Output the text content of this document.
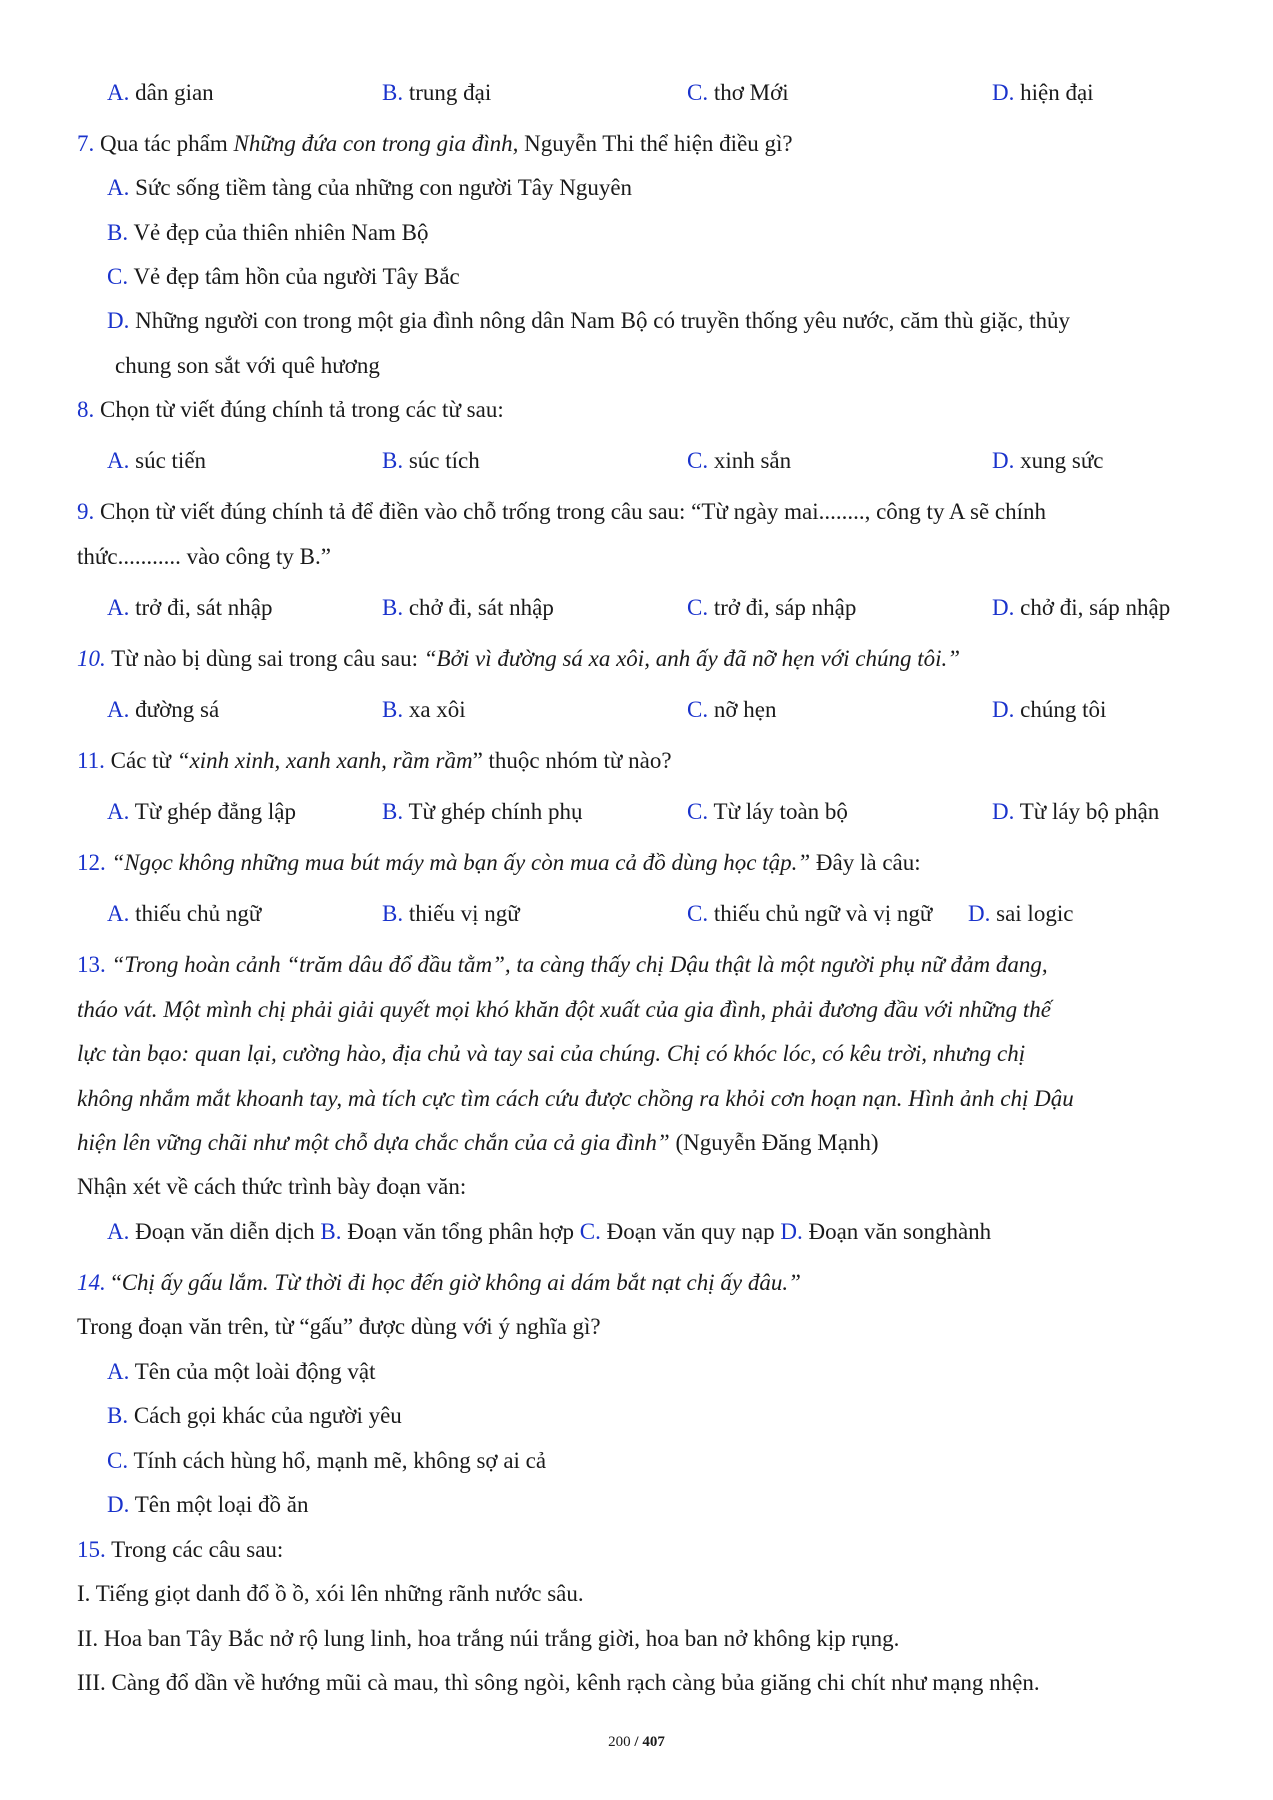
A. dân gian	B. trung đại	C. thơ Mới	D. hiện đại
7. Qua tác phẩm Những đứa con trong gia đình, Nguyễn Thi thể hiện điều gì?
A. Sức sống tiềm tàng của những con người Tây Nguyên
B. Vẻ đẹp của thiên nhiên Nam Bộ
C. Vẻ đẹp tâm hồn của người Tây Bắc
D. Những người con trong một gia đình nông dân Nam Bộ có truyền thống yêu nước, căm thù giặc, thủy
chung son sắt với quê hương
8. Chọn từ viết đúng chính tả trong các từ sau:
A. súc tiến	B. súc tích	C. xinh sắn	D. xung sức
9. Chọn từ viết đúng chính tả để điền vào chỗ trống trong câu sau: “Từ ngày mai........, công ty A sẽ chính
thức........... vào công ty B.”
A. trở đi, sát nhập	B. chở đi, sát nhập	C. trở đi, sáp nhập	D. chở đi, sáp nhập
10. Từ nào bị dùng sai trong câu sau: “Bởi vì đường sá xa xôi, anh ấy đã nỡ hẹn với chúng tôi.”
A. đường sá	B. xa xôi	C. nỡ hẹn	D. chúng tôi
11. Các từ “xinh xinh, xanh xanh, rầm rầm” thuộc nhóm từ nào?
A. Từ ghép đẳng lập	B. Từ ghép chính phụ	C. Từ láy toàn bộ	D. Từ láy bộ phận
12. “Ngọc không những mua bút máy mà bạn ấy còn mua cả đồ dùng học tập.” Đây là câu:
A. thiếu chủ ngữ	B. thiếu vị ngữ	C. thiếu chủ ngữ và vị ngữ D. sai logic
13. “Trong hoàn cảnh “trăm dâu đổ đầu tằm”, ta càng thấy chị Dậu thật là một người phụ nữ đảm đang,
tháo vát. Một mình chị phải giải quyết mọi khó khăn đột xuất của gia đình, phải đương đầu với những thế
lực tàn bạo: quan lại, cường hào, địa chủ và tay sai của chúng. Chị có khóc lóc, có kêu trời, nhưng chị
không nhắm mắt khoanh tay, mà tích cực tìm cách cứu được chồng ra khỏi cơn hoạn nạn. Hình ảnh chị Dậu
hiện lên vững chãi như một chỗ dựa chắc chắn của cả gia đình” (Nguyễn Đăng Mạnh)
Nhận xét về cách thức trình bày đoạn văn:
A. Đoạn văn diễn dịch B. Đoạn văn tổng phân hợp C. Đoạn văn quy nạp D. Đoạn văn songhành
14. “Chị ấy gấu lắm. Từ thời đi học đến giờ không ai dám bắt nạt chị ấy đâu.”
Trong đoạn văn trên, từ “gấu” được dùng với ý nghĩa gì?
A. Tên của một loài động vật
B. Cách gọi khác của người yêu
C. Tính cách hùng hổ, mạnh mẽ, không sợ ai cả
D. Tên một loại đồ ăn
15. Trong các câu sau:
I. Tiếng giọt danh đổ ồ ồ, xói lên những rãnh nước sâu.
II. Hoa ban Tây Bắc nở rộ lung linh, hoa trắng núi trắng giời, hoa ban nở không kịp rụng.
III. Càng đổ dần về hướng mũi cà mau, thì sông ngòi, kênh rạch càng bủa giăng chi chít như mạng nhện.
200 / 407
